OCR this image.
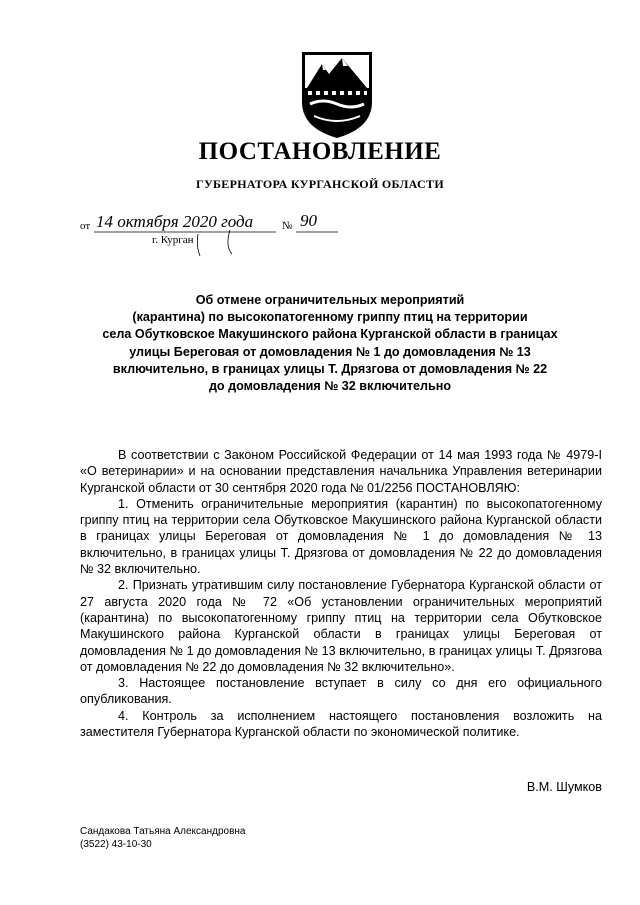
ПОСТАНОВЛЕНИЕ
ГУБЕРНАТОРА КУРГАНСКОЙ ОБЛАСТИ
от 14 октября 2020 года	№ 90
г. Курган
Об отмене ограничительных мероприятий
(карантина) по высокопатогенному гриппу птиц на территории
села Обутковское Макушинского района Курганской области в границах
улицы Береговая от домовладения № 1 до домовладения № 13
включительно, в границах улицы Т. Дрязгова от домовладения № 22
до домовладения № 32 включительно

В соответствии с Законом Российской Федерации от 14 мая 1993 года № 4979-I «О ветеринарии» и на основании представления начальника Управления ветеринарии Курганской области от 30 сентября 2020 года № 01/2256 ПОСТАНОВЛЯЮ:

1. Отменить ограничительные мероприятия (карантин) по высокопатогенному гриппу птиц на территории села Обутковское Макушинского района Курганской области в границах улицы Береговая от домовладения № 1 до домовладения № 13 включительно, в границах улицы Т. Дрязгова от домовладения № 22 до домовладения № 32 включительно.

2. Признать утратившим силу постановление Губернатора Курганской области от 27 августа 2020 года № 72 «Об установлении ограничительных мероприятий (карантина) по высокопатогенному гриппу птиц на территории села Обутковское Макушинского района Курганской области в границах улицы Береговая от домовладения № 1 до домовладения № 13 включительно, в границах улицы Т. Дрязгова от домовладения № 22 до домовладения № 32 включительно».

3. Настоящее постановление вступает в силу со дня его официального опубликования.

4. Контроль за исполнением настоящего постановления возложить на заместителя Губернатора Курганской области по экономической политике.

В.М. Шумков
Сандакова Татьяна Александровна
(3522) 43-10-30
